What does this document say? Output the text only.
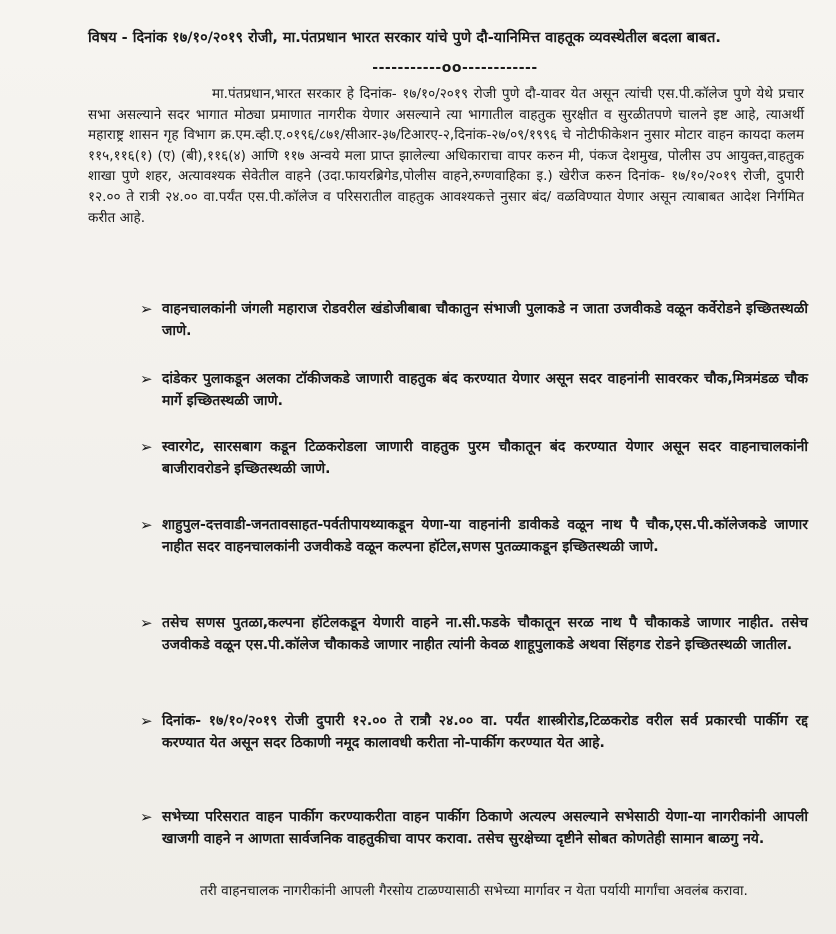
विषय - दिनांक १७/१०/२०१९ रोजी, मा.पंतप्रधान भारत सरकार यांचे पुणे दौ-यानिमित्त वाहतूक व्यवस्थेतील बदला बाबत.

-----------oo------------

मा.पंतप्रधान,भारत सरकार हे दिनांक- १७/१०/२०१९ रोजी पुणे दौ-यावर येत असून त्यांची एस.पी.कॉलेज पुणे येथे प्रचार सभा असल्याने सदर भागात मोठ्या प्रमाणात नागरीक येणार असल्याने त्या भागातील वाहतुक सुरक्षीत व सुरळीतपणे चालने इष्ट आहे, त्याअर्थी महाराष्ट्र शासन गृह विभाग क्र.एम.व्ही.ए.०१९६/८७१/सीआर-३७/टिआरए-२,दिनांक-२७/०९/१९९६ चे नोटीफीकेशन नुसार मोटार वाहन कायदा कलम ११५,११६(१) (ए) (बी),११६(४) आणि ११७ अन्वये मला प्राप्त झालेल्या अधिकाराचा वापर करुन मी, पंकज देशमुख, पोलीस उप आयुक्त,वाहतुक शाखा पुणे शहर, अत्यावश्यक सेवेतील वाहने (उदा.फायरब्रिगेड,पोलीस वाहने,रुग्णवाहिका इ.) खेरीज करुन दिनांक- १७/१०/२०१९ रोजी, दुपारी १२.०० ते रात्री २४.०० वा.पर्यंत एस.पी.कॉलेज व परिसरातील वाहतुक आवश्यकत्ते नुसार बंद/ वळविण्यात येणार असून त्याबाबत आदेश निर्गमित करीत आहे.

➢ वाहनचालकांनी जंगली महाराज रोडवरील खंडोजीबाबा चौकातुन संभाजी पुलाकडे न जाता उजवीकडे वळून कर्वेरोडने इच्छितस्थळी जाणे.

➢ दांडेकर पुलाकडून अलका टॉकीजकडे जाणारी वाहतुक बंद करण्यात येणार असून सदर वाहनांनी सावरकर चौक,मित्रमंडळ चौक मार्गे इच्छितस्थळी जाणे.

➢ स्वारगेट, सारसबाग कडून टिळकरोडला जाणारी वाहतुक पुरम चौकातून बंद करण्यात येणार असून सदर वाहनाचालकांनी बाजीरावरोडने इच्छितस्थळी जाणे.

➢ शाहुपुल-दत्तवाडी-जनतावसाहत-पर्वतीपायथ्याकडून येणा-या वाहनांनी डावीकडे वळून नाथ पै चौक,एस.पी.कॉलेजकडे जाणार नाहीत सदर वाहनचालकांनी उजवीकडे वळून कल्पना हॉटेल,सणस पुतळ्याकडून इच्छितस्थळी जाणे.

➢ तसेच सणस पुतळा,कल्पना हॉटेलकडून येणारी वाहने ना.सी.फडके चौकातून सरळ नाथ पै चौकाकडे जाणार नाहीत. तसेच उजवीकडे वळून एस.पी.कॉलेज चौकाकडे जाणार नाहीत त्यांनी केवळ शाहूपुलाकडे अथवा सिंहगड रोडने इच्छितस्थळी जातील.

➢ दिनांक- १७/१०/२०१९ रोजी दुपारी १२.०० ते रात्रौ २४.०० वा. पर्यंत शास्त्रीरोड,टिळकरोड वरील सर्व प्रकारची पार्कीग रद्द करण्यात येत असून सदर ठिकाणी नमूद कालावधी करीता नो-पार्कीग करण्यात येत आहे.

➢ सभेच्या परिसरात वाहन पार्कीग करण्याकरीता वाहन पार्कीग ठिकाणे अत्यल्प असल्याने सभेसाठी येणा-या नागरीकांनी आपली खाजगी वाहने न आणता सार्वजनिक वाहतुकीचा वापर करावा. तसेच सुरक्षेच्या दृष्टीने सोबत कोणतेही सामान बाळगु नये.

तरी वाहनचालक नागरीकांनी आपली गैरसोय टाळण्यासाठी सभेच्या मार्गावर न येता पर्यायी मार्गांचा अवलंब करावा.
